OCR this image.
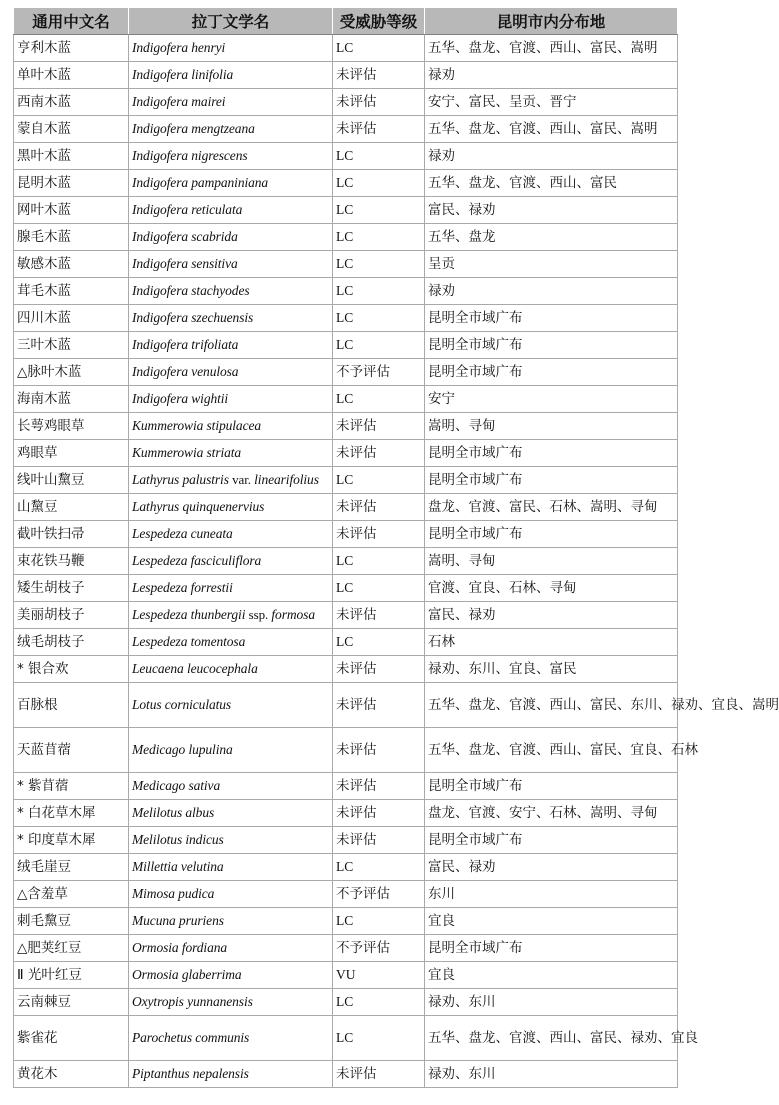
通用中文名	拉丁文学名	受威胁等级	昆明市内分布地
亨利木蓝	Indigofera henryi	LC	五华、盘龙、官渡、西山、富民、嵩明
单叶木蓝	Indigofera linifolia	未评估	禄劝
西南木蓝	Indigofera mairei	未评估	安宁、富民、呈贡、晋宁
蒙自木蓝	Indigofera mengtzeana	未评估	五华、盘龙、官渡、西山、富民、嵩明
黑叶木蓝	Indigofera nigrescens	LC	禄劝
昆明木蓝	Indigofera pampaniniana	LC	五华、盘龙、官渡、西山、富民
网叶木蓝	Indigofera reticulata	LC	富民、禄劝
腺毛木蓝	Indigofera scabrida	LC	五华、盘龙
敏感木蓝	Indigofera sensitiva	LC	呈贡
茸毛木蓝	Indigofera stachyodes	LC	禄劝
四川木蓝	Indigofera szechuensis	LC	昆明全市域广布
三叶木蓝	Indigofera trifoliata	LC	昆明全市域广布
△脉叶木蓝	Indigofera venulosa	不予评估	昆明全市域广布
海南木蓝	Indigofera wightii	LC	安宁
长萼鸡眼草	Kummerowia stipulacea	未评估	嵩明、寻甸
鸡眼草	Kummerowia striata	未评估	昆明全市域广布
线叶山黧豆	Lathyrus palustris var. linearifolius	LC	昆明全市域广布
山黧豆	Lathyrus quinquenervius	未评估	盘龙、官渡、富民、石林、嵩明、寻甸
截叶铁扫帚	Lespedeza cuneata	未评估	昆明全市域广布
束花铁马鞭	Lespedeza fasciculiflora	LC	嵩明、寻甸
矮生胡枝子	Lespedeza forrestii	LC	官渡、宜良、石林、寻甸
美丽胡枝子	Lespedeza thunbergii ssp. formosa	未评估	富民、禄劝
绒毛胡枝子	Lespedeza tomentosa	LC	石林
* 银合欢	Leucaena leucocephala	未评估	禄劝、东川、宜良、富民
百脉根	Lotus corniculatus	未评估	五华、盘龙、官渡、西山、富民、东川、禄劝、宜良、嵩明
天蓝苜蓿	Medicago lupulina	未评估	五华、盘龙、官渡、西山、富民、宜良、石林
* 紫苜蓿	Medicago sativa	未评估	昆明全市域广布
* 白花草木犀	Melilotus albus	未评估	盘龙、官渡、安宁、石林、嵩明、寻甸
* 印度草木犀	Melilotus indicus	未评估	昆明全市域广布
绒毛崖豆	Millettia velutina	LC	富民、禄劝
△含羞草	Mimosa pudica	不予评估	东川
刺毛黧豆	Mucuna pruriens	LC	宜良
△肥荚红豆	Ormosia fordiana	不予评估	昆明全市域广布
Ⅱ 光叶红豆	Ormosia glaberrima	VU	宜良
云南棘豆	Oxytropis yunnanensis	LC	禄劝、东川
紫雀花	Parochetus communis	LC	五华、盘龙、官渡、西山、富民、禄劝、宜良
黄花木	Piptanthus nepalensis	未评估	禄劝、东川
